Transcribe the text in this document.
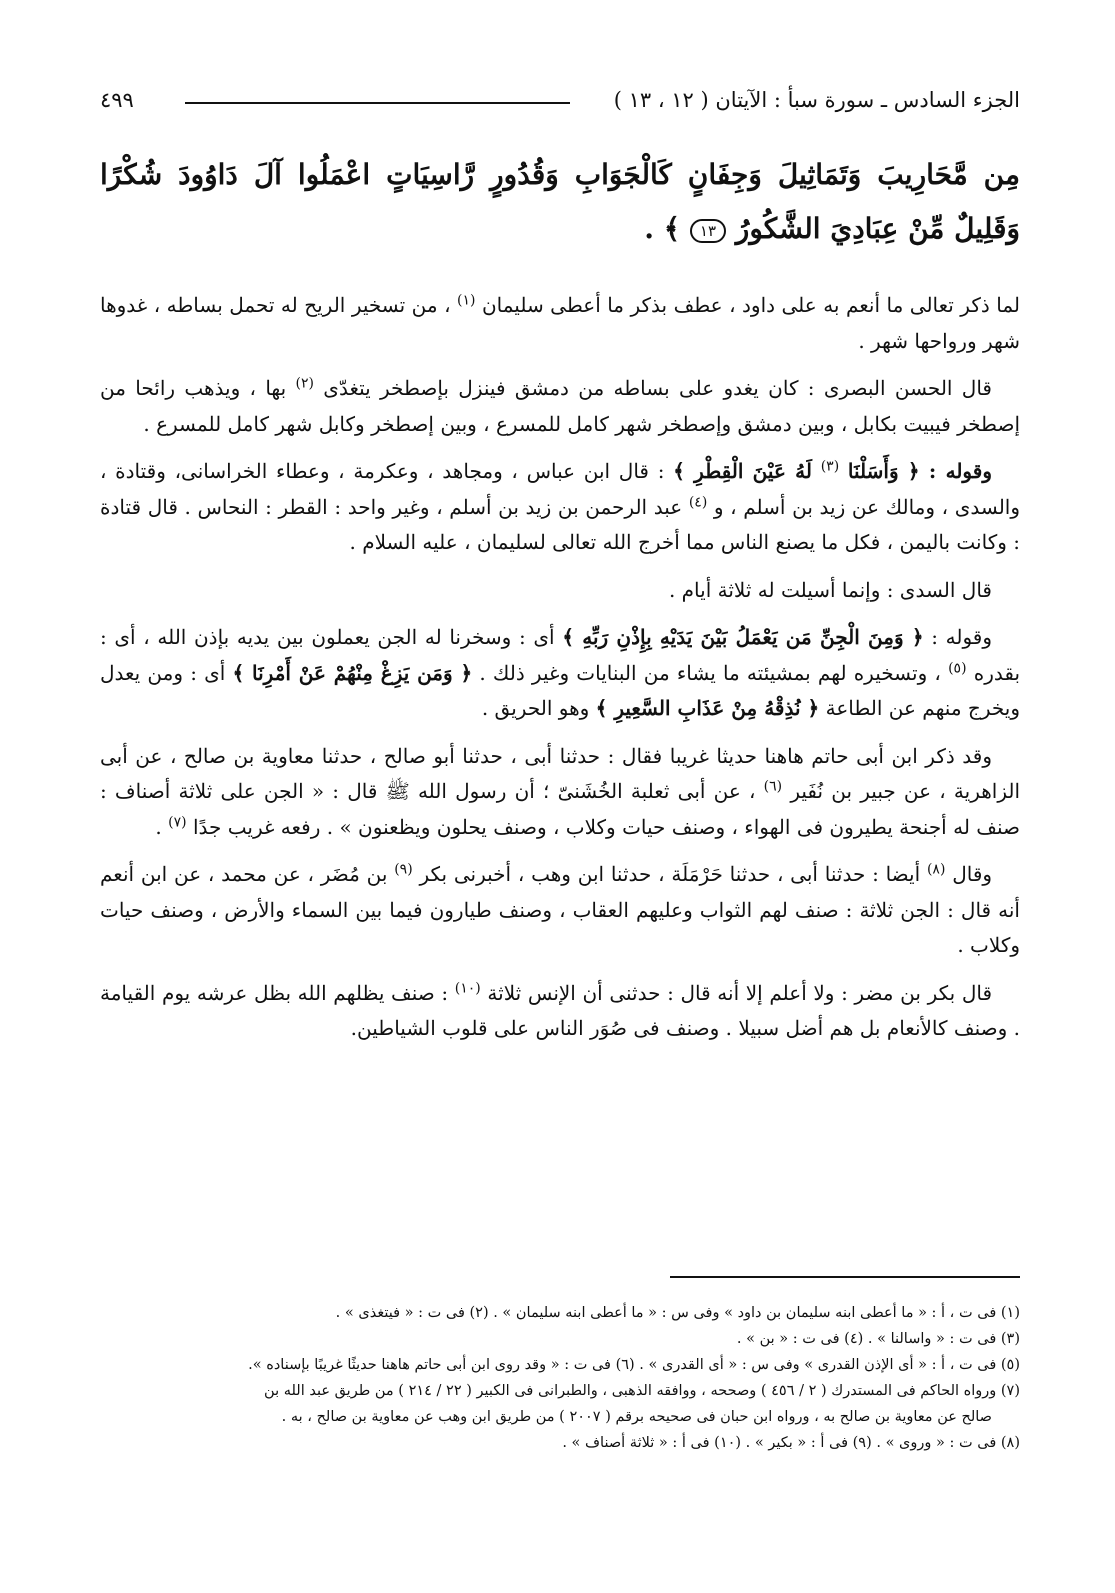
الجزء السادس ـ سورة سبأ : الآيتان ( ١٢ ، ١٣ )
٤٩٩
مِن مَّحَارِيبَ وَتَمَاثِيلَ وَجِفَانٍ كَالْجَوَابِ وَقُدُورٍ رَّاسِيَاتٍ اعْمَلُوا آلَ دَاوُودَ شُكْرًا وَقَلِيلٌ مِّنْ عِبَادِيَ الشَّكُورُ ١٣ ﴾ .

لما ذكر تعالى ما أنعم به على داود ، عطف بذكر ما أعطى سليمان $^{(١)}$ ، من تسخير الريح له تحمل بساطه ، غدوها شهر ورواحها شهر .

قال الحسن البصرى : كان يغدو على بساطه من دمشق فينزل بإصطخر يتغدّى $^{(٢)}$ بها ، ويذهب رائحا من إصطخر فيبيت بكابل ، وبين دمشق وإصطخر شهر كامل للمسرع ، وبين إصطخر وكابل شهر كامل للمسرع .

وقوله : ﴿ وَأَسَلْنَا $^{(٣)}$ لَهُ عَيْنَ الْقِطْرِ ﴾ : قال ابن عباس ، ومجاهد ، وعكرمة ، وعطاء الخراسانى، وقتادة ، والسدى ، ومالك عن زيد بن أسلم ، و $^{(٤)}$ عبد الرحمن بن زيد بن أسلم ، وغير واحد : القطر : النحاس . قال قتادة : وكانت باليمن ، فكل ما يصنع الناس مما أخرج الله تعالى لسليمان ، عليه السلام .

قال السدى : وإنما أسيلت له ثلاثة أيام .

وقوله : ﴿ وَمِنَ الْجِنِّ مَن يَعْمَلُ بَيْنَ يَدَيْهِ بِإِذْنِ رَبِّهِ ﴾ أى : وسخرنا له الجن يعملون بين يديه بإذن الله ، أى : بقدره $^{(٥)}$ ، وتسخيره لهم بمشيئته ما يشاء من البنايات وغير ذلك . ﴿ وَمَن يَزِغْ مِنْهُمْ عَنْ أَمْرِنَا ﴾ أى : ومن يعدل ويخرج منهم عن الطاعة ﴿ نُذِقْهُ مِنْ عَذَابِ السَّعِيرِ ﴾ وهو الحريق .

وقد ذكر ابن أبى حاتم هاهنا حديثا غريبا فقال : حدثنا أبى ، حدثنا أبو صالح ، حدثنا معاوية بن صالح ، عن أبى الزاهرية ، عن جبير بن نُفَير $^{(٦)}$ ، عن أبى ثعلبة الخُشَنىّ ؛ أن رسول الله ﷺ قال : « الجن على ثلاثة أصناف : صنف له أجنحة يطيرون فى الهواء ، وصنف حيات وكلاب ، وصنف يحلون ويظعنون » . رفعه غريب جدًا $^{(٧)}$ .

وقال $^{(٨)}$ أيضا : حدثنا أبى ، حدثنا حَرْمَلَة ، حدثنا ابن وهب ، أخبرنى بكر $^{(٩)}$ بن مُضَر ، عن محمد ، عن ابن أنعم أنه قال : الجن ثلاثة : صنف لهم الثواب وعليهم العقاب ، وصنف طيارون فيما بين السماء والأرض ، وصنف حيات وكلاب .

قال بكر بن مضر : ولا أعلم إلا أنه قال : حدثنى أن الإنس ثلاثة $^{(١٠)}$ : صنف يظلهم الله بظل عرشه يوم القيامة . وصنف كالأنعام بل هم أضل سبيلا . وصنف فى صُوَر الناس على قلوب الشياطين.

(١) فى ت ، أ : « ما أعطى ابنه سليمان بن داود » وفى س : « ما أعطى ابنه سليمان » . (٢) فى ت : « فيتغذى » .
(٣) فى ت : « واسالنا » . (٤) فى ت : « بن » .
(٥) فى ت ، أ : « أى الإذن القدرى » وفى س : « أى القدرى » . (٦) فى ت : « وقد روى ابن أبى حاتم هاهنا حديثًا غريبًا بإسناده ».
(٧) ورواه الحاكم فى المستدرك ( ٢ / ٤٥٦ ) وصححه ، ووافقه الذهبى ، والطبرانى فى الكبير ( ٢٢ / ٢١٤ ) من طريق عبد الله بن
صالح عن معاوية بن صالح به ، ورواه ابن حبان فى صحيحه برقم ( ٢٠٠٧ ) من طريق ابن وهب عن معاوية بن صالح ، به .
(٨) فى ت : « وروى » . (٩) فى أ : « بكير » . (١٠) فى أ : « ثلاثة أصناف » .
